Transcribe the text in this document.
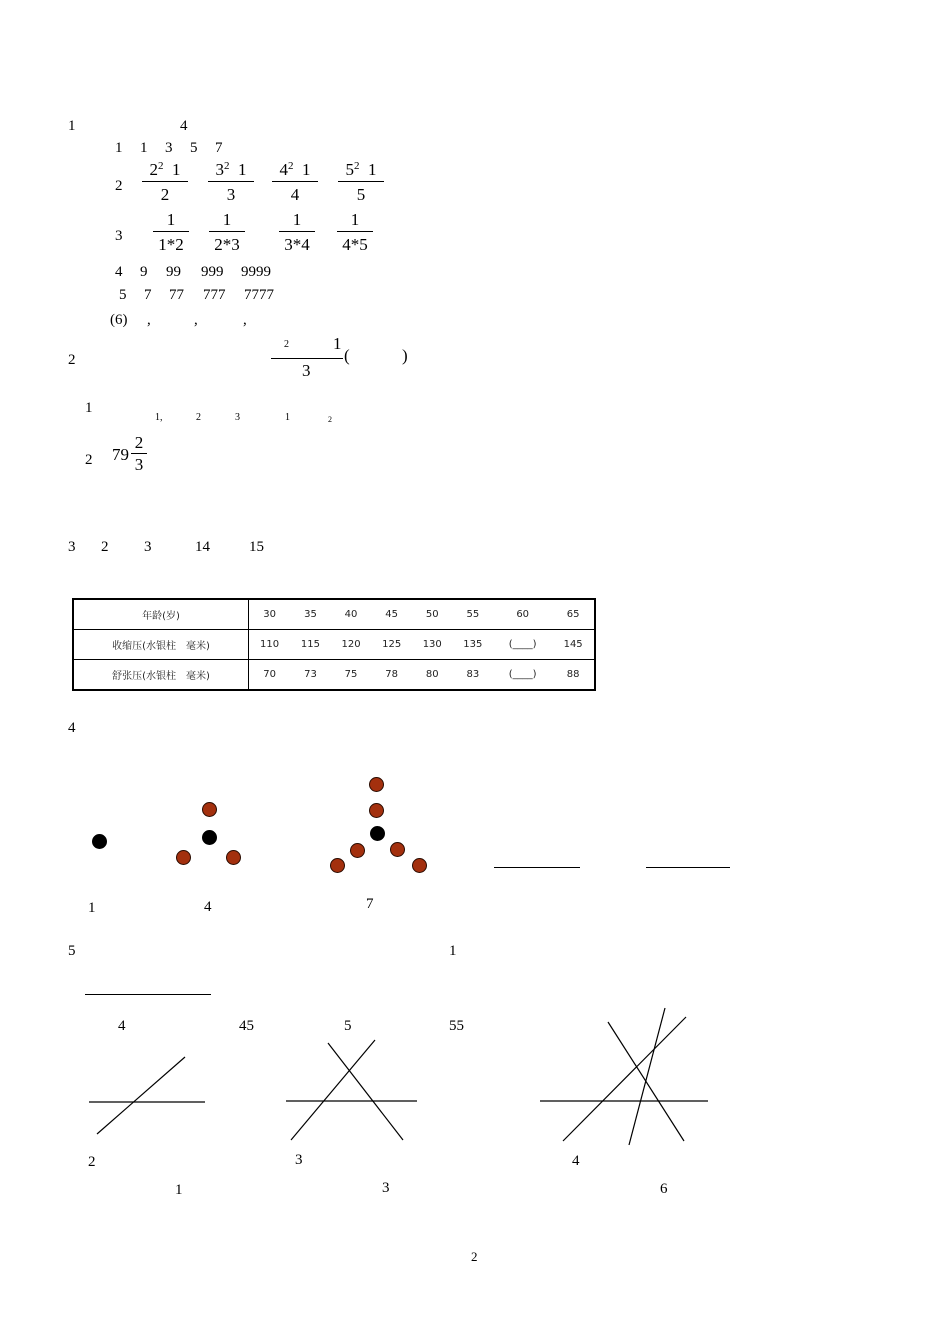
1	4
1 1 3 5 7
2
$2^2$ 1
2
$3^2$ 1
3
$4^2$ 1
4
$5^2$ 1
5
3
1
1*2
1
2*3
1
3*4
1
4*5
4 9 99 999 9999
5 7 77 777 7777
(6) ,	,	,
2
2	1
3
(	)
1
1,	2	3	1	2
2 79
2
3
3 2 3	14	15
年龄(岁)	30	35	40	45	50	55	60	65
收缩压(水银柱　毫米)	110	115	120	125	130	135	(____)	145
舒张压(水银柱　毫米)	70	73	75	78	80	83	(____)	88
4
1	4	7
5	1
4	45	5	55
2
1
3
3
4
6
2
